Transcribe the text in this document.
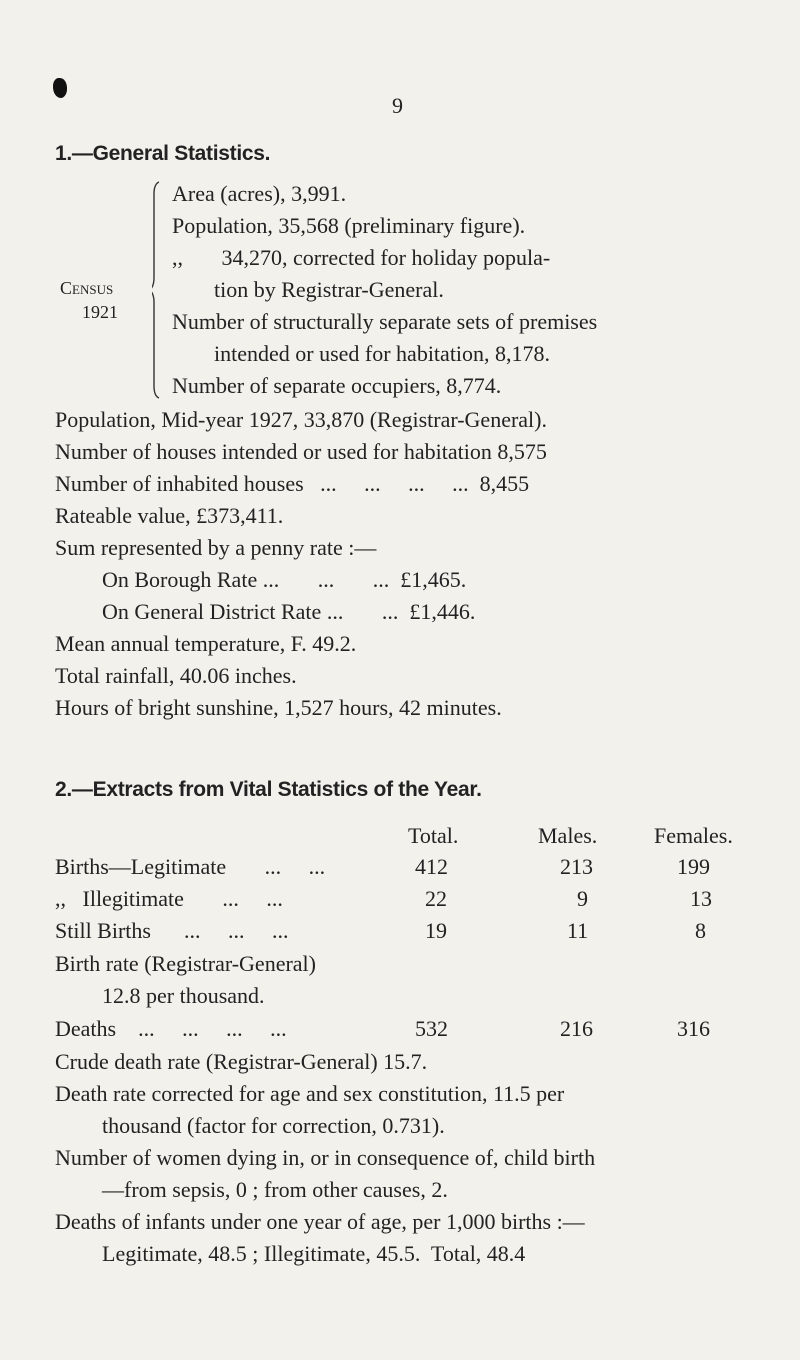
9
1.—General Statistics.
Census
1921
Area (acres), 3,991.
Population, 35,568 (preliminary figure).
,,       34,270, corrected for holiday popula-
tion by Registrar-General.
Number of structurally separate sets of premises
intended or used for habitation, 8,178.
Number of separate occupiers, 8,774.
Population, Mid-year 1927, 33,870 (Registrar-General).
Number of houses intended or used for habitation 8,575
Number of inhabited houses   ...     ...     ...     ...  8,455
Rateable value, £373,411.
Sum represented by a penny rate :—
On Borough Rate ...       ...       ...  £1,465.
On General District Rate ...       ...  £1,446.
Mean annual temperature, F. 49.2.
Total rainfall, 40.06 inches.
Hours of bright sunshine, 1,527 hours, 42 minutes.
2.—Extracts from Vital Statistics of the Year.
Total.	Males.	Females.
Births—Legitimate       ...     ...	412	213	199
,,   Illegitimate       ...     ...	22	9	13
Still Births      ...     ...     ...	19	11	8
Birth rate (Registrar-General)
12.8 per thousand.
Deaths    ...     ...     ...     ...	532	216	316
Crude death rate (Registrar-General) 15.7.
Death rate corrected for age and sex constitution, 11.5 per
thousand (factor for correction, 0.731).
Number of women dying in, or in consequence of, child birth
—from sepsis, 0 ; from other causes, 2.
Deaths of infants under one year of age, per 1,000 births :—
Legitimate, 48.5 ; Illegitimate, 45.5.  Total, 48.4
